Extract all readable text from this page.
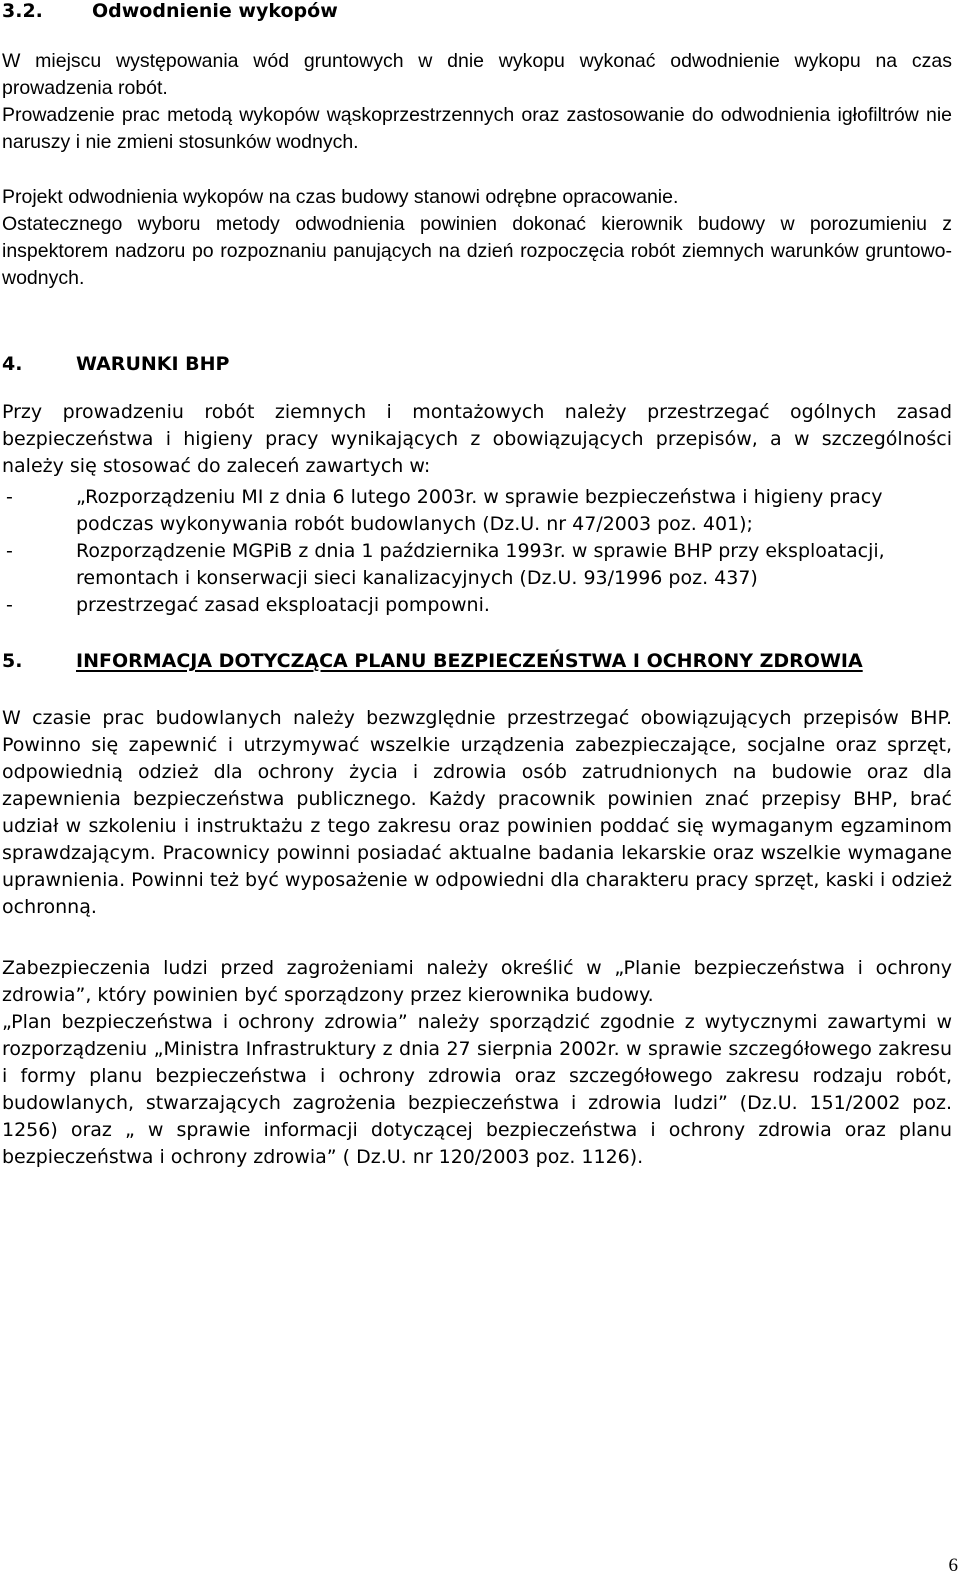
3.2.	Odwodnienie wykopów

W miejscu występowania wód gruntowych w dnie wykopu wykonać odwodnienie wykopu na czas prowadzenia robót.
Prowadzenie prac metodą wykopów wąskoprzestrzennych oraz zastosowanie do odwodnienia igłofiltrów nie naruszy i nie zmieni stosunków wodnych.

Projekt odwodnienia wykopów na czas budowy stanowi odrębne opracowanie.
Ostatecznego wyboru metody odwodnienia powinien dokonać kierownik budowy w porozumieniu z inspektorem nadzoru po rozpoznaniu panujących na dzień rozpoczęcia robót ziemnych warunków gruntowo-wodnych.

4.	WARUNKI BHP

Przy prowadzeniu robót ziemnych i montażowych należy przestrzegać ogólnych zasad bezpieczeństwa i higieny pracy wynikających z obowiązujących przepisów, a w szczególności należy się stosować do zaleceń zawartych w:

-	„Rozporządzeniu MI z dnia 6 lutego 2003r. w sprawie bezpieczeństwa i higieny pracy podczas wykonywania robót budowlanych (Dz.U. nr 47/2003 poz. 401);
-	Rozporządzenie MGPiB z dnia 1 października 1993r. w sprawie BHP przy eksploatacji, remontach i konserwacji sieci kanalizacyjnych (Dz.U. 93/1996 poz. 437)
-	przestrzegać zasad eksploatacji pompowni.
5.	INFORMACJA DOTYCZĄCA PLANU BEZPIECZEŃSTWA I OCHRONY ZDROWIA

W czasie prac budowlanych należy bezwzględnie przestrzegać obowiązujących przepisów BHP. Powinno się zapewnić i utrzymywać wszelkie urządzenia zabezpieczające, socjalne oraz sprzęt, odpowiednią odzież dla ochrony życia i zdrowia osób zatrudnionych na budowie oraz dla zapewnienia bezpieczeństwa publicznego. Każdy pracownik powinien znać przepisy BHP, brać udział w szkoleniu i instruktażu z tego zakresu oraz powinien poddać się wymaganym egzaminom sprawdzającym. Pracownicy powinni posiadać aktualne badania lekarskie oraz wszelkie wymagane uprawnienia. Powinni też być wyposażenie w odpowiedni dla charakteru pracy sprzęt, kaski i odzież ochronną.

Zabezpieczenia ludzi przed zagrożeniami należy określić w „Planie bezpieczeństwa i ochrony zdrowia”, który powinien być sporządzony przez kierownika budowy.
„Plan bezpieczeństwa i ochrony zdrowia” należy sporządzić zgodnie z wytycznymi zawartymi w rozporządzeniu „Ministra Infrastruktury z dnia 27 sierpnia 2002r. w sprawie szczegółowego zakresu i formy planu bezpieczeństwa i ochrony zdrowia oraz szczegółowego zakresu rodzaju robót, budowlanych, stwarzających zagrożenia bezpieczeństwa i zdrowia ludzi” (Dz.U. 151/2002 poz. 1256) oraz „ w sprawie informacji dotyczącej bezpieczeństwa i ochrony zdrowia oraz planu bezpieczeństwa i ochrony zdrowia” ( Dz.U. nr 120/2003 poz. 1126).

6
